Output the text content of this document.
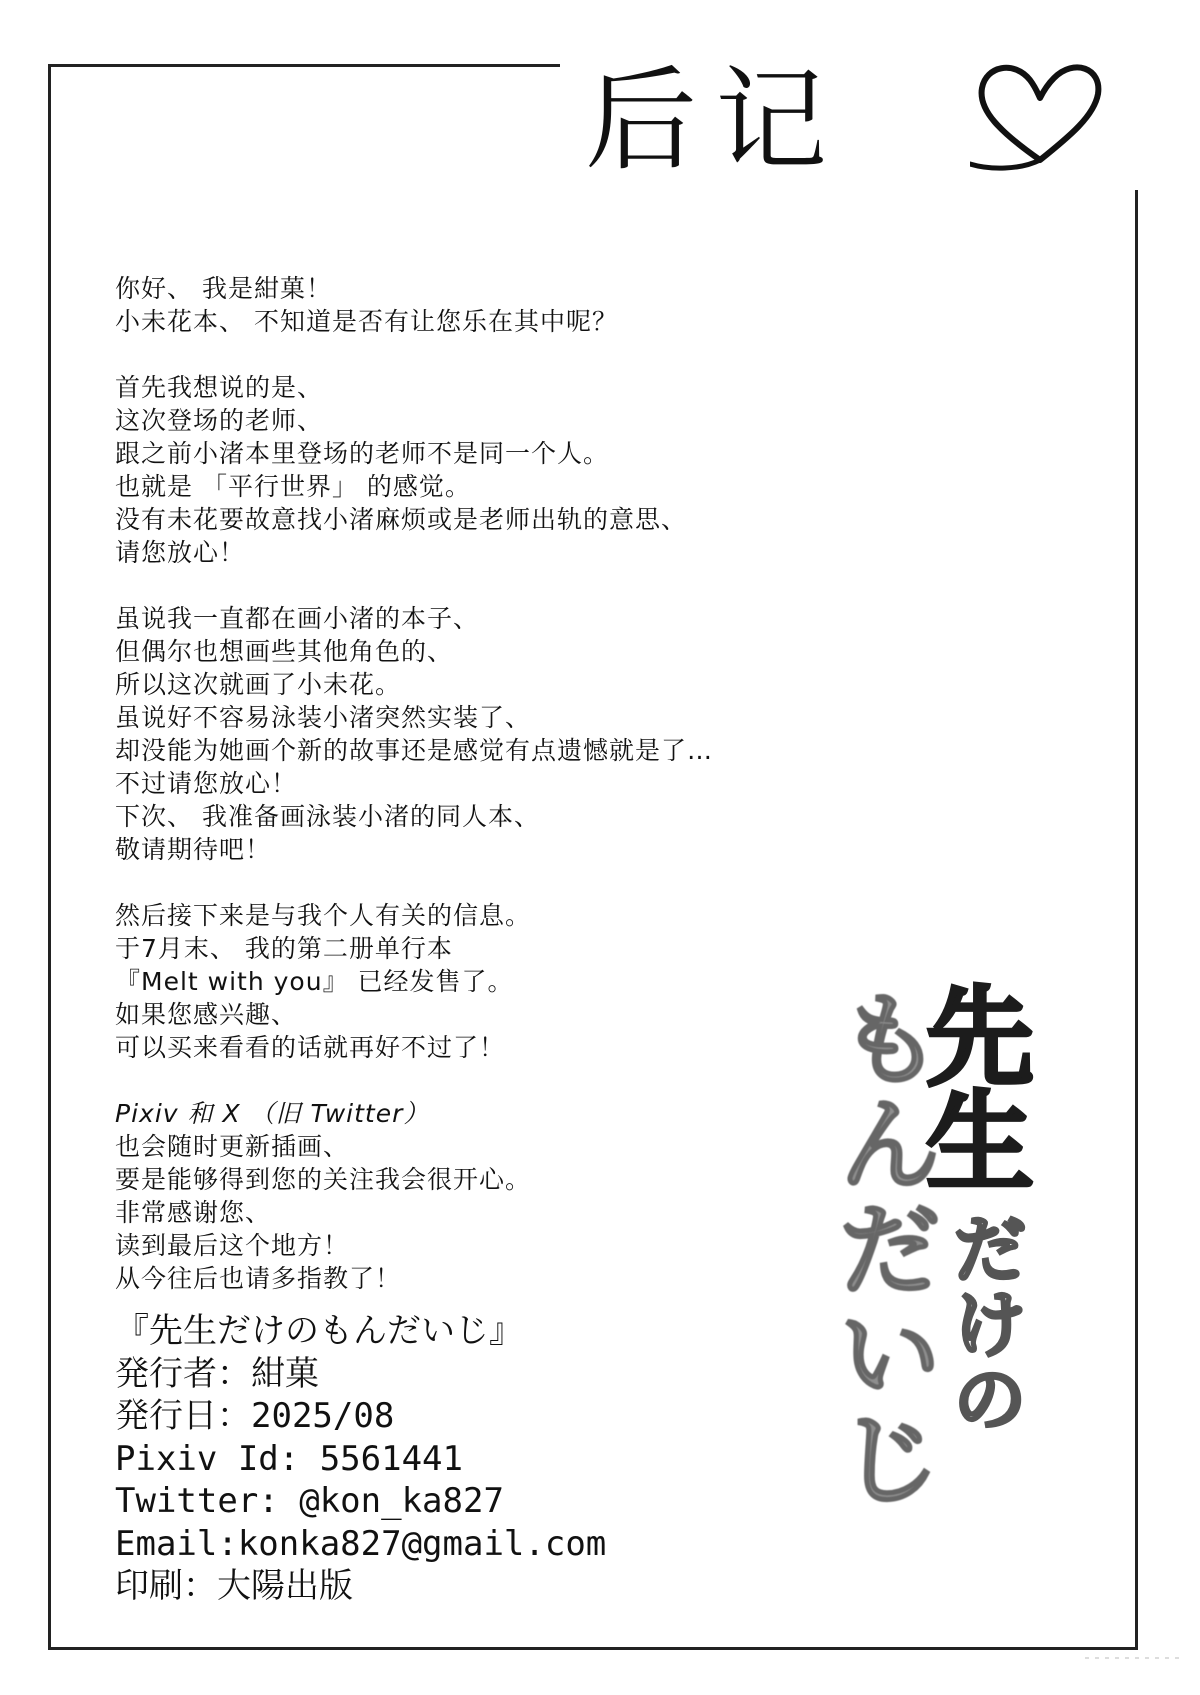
后记
你好、 我是紺菓！
小未花本、 不知道是否有让您乐在其中呢？
首先我想说的是、
这次登场的老师、
跟之前小渚本里登场的老师不是同一个人。
也就是 「平行世界」 的感觉。
没有未花要故意找小渚麻烦或是老师出轨的意思、
请您放心！
虽说我一直都在画小渚的本子、
但偶尔也想画些其他角色的、
所以这次就画了小未花。
虽说好不容易泳装小渚突然实装了、
却没能为她画个新的故事还是感觉有点遗憾就是了…
不过请您放心！
下次、 我准备画泳装小渚的同人本、
敬请期待吧！
然后接下来是与我个人有关的信息。
于7月末、 我的第二册单行本
『Melt with you』 已经发售了。
如果您感兴趣、
可以买来看看的话就再好不过了！
Pixiv 和 X （旧 Twitter）
也会随时更新插画、
要是能够得到您的关注我会很开心。
非常感谢您、
读到最后这个地方！
从今往后也请多指教了！
『先生だけのもんだいじ』
発行者：紺菓
発行日：2025/08
Pixiv Id: 5561441
Twitter: @kon_ka827
Email:konka827@gmail.com
印刷：大陽出版
先
生
だ
け
の
も
ん
だ
い
じ
